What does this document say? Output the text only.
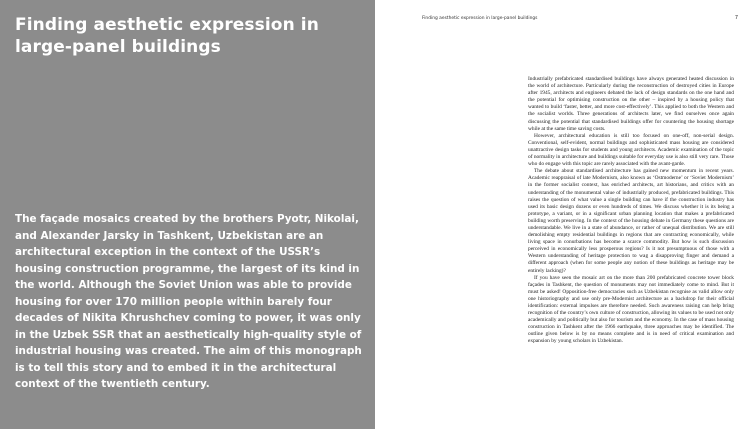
Finding aesthetic expression in large-panel buildings

The façade mosaics created by the brothers Pyotr, Nikolai, and Alexander Jarsky in Tashkent, Uzbekistan are an architectural exception in the context of the USSR’s housing construction programme, the largest of its kind in the world. Although the Soviet Union was able to provide housing for over 170 million people within barely four decades of Nikita Khrushchev coming to power, it was only in the Uzbek SSR that an aesthetically high-quality style of industrial housing was created. The aim of this monograph is to tell this story and to embed it in the architectural context of the twentieth century.

Finding aesthetic expression in large-panel buildings	7

Industrially prefabricated standardised buildings have always generated heated discussion in the world of architecture. Particularly during the reconstruction of destroyed cities in Europe after 1945, architects and engineers debated the lack of design standards on the one hand and the potential for optimising construction on the other – inspired by a housing policy that wanted to build ‘faster, better, and more cost-effectively’. This applied to both the Western and the socialist worlds. Three generations of architects later, we find ourselves once again discussing the potential that standardised buildings offer for countering the housing shortage while at the same time saving costs.

However, architectural education is still too focused on one-off, non-serial design. Conventional, self-evident, normal buildings and sophisticated mass housing are considered unattractive design tasks for students and young architects. Academic examination of the topic of normality in architecture and buildings suitable for everyday use is also still very rare. Those who do engage with this topic are rarely associated with the avant-garde.

The debate about standardised architecture has gained new momentum in recent years. Academic reappraisal of late Modernism, also known as ‘Ostmoderne’ or ‘Soviet Modernism’ in the former socialist context, has enriched architects, art historians, and critics with an understanding of the monumental value of industrially produced, prefabricated buildings. This raises the question of what value a single building can have if the construction industry has used its basic design dozens or even hundreds of times. We discuss whether it is its being a prototype, a variant, or in a significant urban planning location that makes a prefabricated building worth preserving. In the context of the housing debate in Germany these questions are understandable. We live in a state of abundance, or rather of unequal distribution. We are still demolishing empty residential buildings in regions that are contracting economically, while living space in conurbations has become a scarce commodity. But how is such discussion perceived in economically less prosperous regions? Is it not presumptuous of those with a Western understanding of heritage protection to wag a disapproving finger and demand a different approach (when for some people any notion of these buildings as heritage may be entirely lacking)?

If you have seen the mosaic art on the more than 200 prefabricated concrete tower block façades in Tashkent, the question of monuments may not immediately come to mind. But it must be asked! Opposition-free democracies such as Uzbekistan recognise as valid allow only one historiography and use only pre-Modernist architecture as a backdrop for their official identification: external impulses are therefore needed. Such awareness raising can help bring recognition of the country’s own culture of construction, allowing its values to be used not only academically and politically but also for tourism and the economy. In the case of mass housing construction in Tashkent after the 1966 earthquake, three approaches may be identified. The outline given below is by no means complete and is in need of critical examination and expansion by young scholars in Uzbekistan.
